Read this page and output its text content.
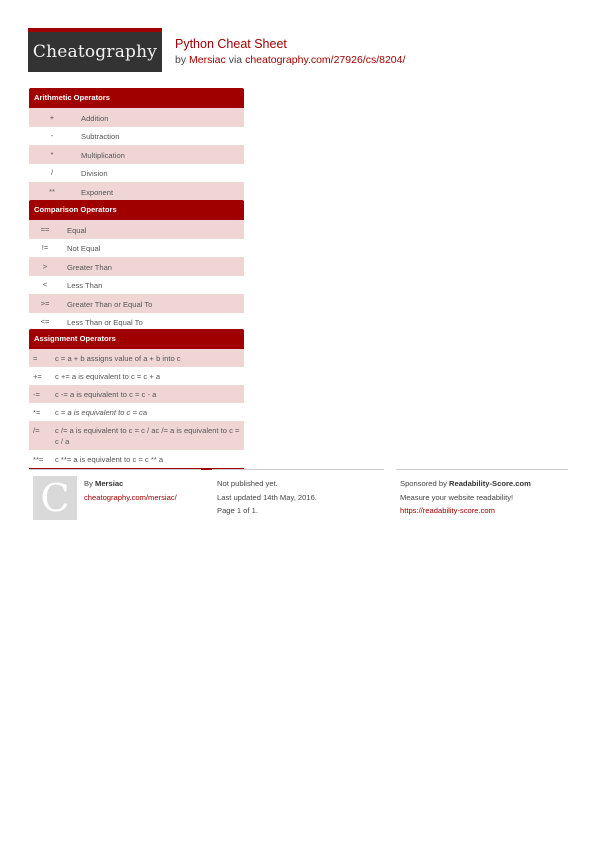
Cheatography Python Cheat Sheet
by Mersiac via cheatography.com/27926/cs/8204/
Arithmetic Operators
+	Addition
-	Subtraction
*	Multiplication
/	Division
**	Exponent
Comparison Operators
==	Equal
!=	Not Equal
>	Greater Than
<	Less Than
>=	Greater Than or Equal To
<=	Less Than or Equal To
Assignment Operators
=	c = a + b assigns value of a + b into c
+=	c += a is equivalent to c = c + a
-=	c -= a is equivalent to c = c - a
*=	c = a is equivalent to c = ca
/=	c /= a is equivalent to c = c / ac /= a is equivalent to c = c / a
**=	c **= a is equivalent to c = c ** a
C By Mersiac
cheatography.com/mersiac/
Not published yet.
Last updated 14th May, 2016.
Page 1 of 1.
Sponsored by Readability-Score.com
Measure your website readability!
https://readability-score.com
